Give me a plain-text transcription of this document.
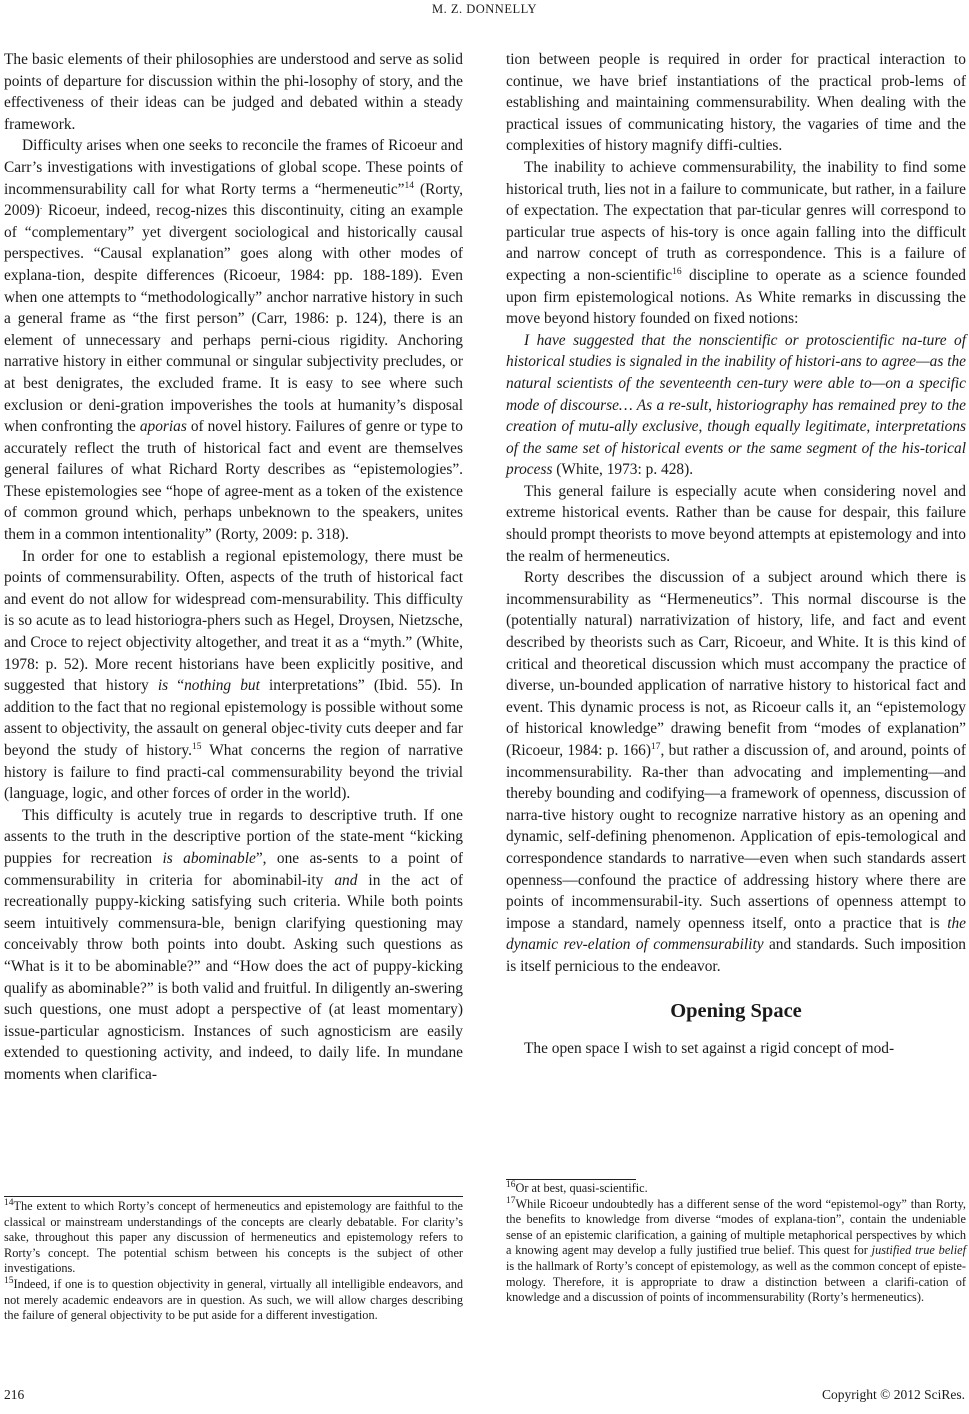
M. Z. DONNELLY

The basic elements of their philosophies are understood and serve as solid points of departure for discussion within the phi-losophy of story, and the effectiveness of their ideas can be judged and debated within a steady framework.

Difficulty arises when one seeks to reconcile the frames of Ricoeur and Carr’s investigations with investigations of global scope. These points of incommensurability call for what Rorty terms a “hermeneutic”$^{14}$ (Rorty, 2009). Ricoeur, indeed, recog-nizes this discontinuity, citing an example of “complementary” yet divergent sociological and historically causal perspectives. “Causal explanation” goes along with other modes of explana-tion, despite differences (Ricoeur, 1984: pp. 188-189). Even when one attempts to “methodologically” anchor narrative history in such a general frame as “the first person” (Carr, 1986: p. 124), there is an element of unnecessary and perhaps perni-cious rigidity. Anchoring narrative history in either communal or singular subjectivity precludes, or at best denigrates, the excluded frame. It is easy to see where such exclusion or deni-gration impoverishes the tools at humanity’s disposal when confronting the aporias of novel history. Failures of genre or type to accurately reflect the truth of historical fact and event are themselves general failures of what Richard Rorty describes as “epistemologies”. These epistemologies see “hope of agree-ment as a token of the existence of common ground which, perhaps unbeknown to the speakers, unites them in a common intentionality” (Rorty, 2009: p. 318).

In order for one to establish a regional epistemology, there must be points of commensurability. Often, aspects of the truth of historical fact and event do not allow for widespread com-mensurability. This difficulty is so acute as to lead historiogra-phers such as Hegel, Droysen, Nietzsche, and Croce to reject objectivity altogether, and treat it as a “myth.” (White, 1978: p. 52). More recent historians have been explicitly positive, and suggested that history is “nothing but interpretations” (Ibid. 55). In addition to the fact that no regional epistemology is possible without some assent to objectivity, the assault on general objec-tivity cuts deeper and far beyond the study of history.$^{15}$ What concerns the region of narrative history is failure to find practi-cal commensurability beyond the trivial (language, logic, and other forces of order in the world).

This difficulty is acutely true in regards to descriptive truth. If one assents to the truth in the descriptive portion of the state-ment “kicking puppies for recreation is abominable”, one as-sents to a point of commensurability in criteria for abominabil-ity and in the act of recreationally puppy-kicking satisfying such criteria. While both points seem intuitively commensura-ble, benign clarifying questioning may conceivably throw both points into doubt. Asking such questions as “What is it to be abominable?” and “How does the act of puppy-kicking qualify as abominable?” is both valid and fruitful. In diligently an-swering such questions, one must adopt a perspective of (at least momentary) issue-particular agnosticism. Instances of such agnosticism are easily extended to questioning activity, and indeed, to daily life. In mundane moments when clarifica-

tion between people is required in order for practical interaction to continue, we have brief instantiations of the practical prob-lems of establishing and maintaining commensurability. When dealing with the practical issues of communicating history, the vagaries of time and the complexities of history magnify diffi-culties.

The inability to achieve commensurability, the inability to find some historical truth, lies not in a failure to communicate, but rather, in a failure of expectation. The expectation that par-ticular genres will correspond to particular true aspects of his-tory is once again falling into the difficult and narrow concept of truth as correspondence. This is a failure of expecting a non-scientific$^{16}$ discipline to operate as a science founded upon firm epistemological notions. As White remarks in discussing the move beyond history founded on fixed notions:

I have suggested that the nonscientific or protoscientific na-ture of historical studies is signaled in the inability of histori-ans to agree—as the natural scientists of the seventeenth cen-tury were able to—on a specific mode of discourse… As a re-sult, historiography has remained prey to the creation of mutu-ally exclusive, though equally legitimate, interpretations of the same set of historical events or the same segment of the his-torical process (White, 1973: p. 428).

This general failure is especially acute when considering novel and extreme historical events. Rather than be cause for despair, this failure should prompt theorists to move beyond attempts at epistemology and into the realm of hermeneutics.

Rorty describes the discussion of a subject around which there is incommensurability as “Hermeneutics”. This normal discourse is the (potentially natural) narrativization of history, life, and fact and event described by theorists such as Carr, Ricoeur, and White. It is this kind of critical and theoretical discussion which must accompany the practice of diverse, un-bounded application of narrative history to historical fact and event. This dynamic process is not, as Ricoeur calls it, an “epistemology of historical knowledge” drawing benefit from “modes of explanation” (Ricoeur, 1984: p. 166)$^{17}$, but rather a discussion of, and around, points of incommensurability. Ra-ther than advocating and implementing—and thereby bounding and codifying—a framework of openness, discussion of narra-tive history ought to recognize narrative history as an opening and dynamic, self-defining phenomenon. Application of epis-temological and correspondence standards to narrative—even when such standards assert openness—confound the practice of addressing history where there are points of incommensurabil-ity. Such assertions of openness attempt to impose a standard, namely openness itself, onto a practice that is the dynamic rev-elation of commensurability and standards. Such imposition is itself pernicious to the endeavor.

Opening Space

The open space I wish to set against a rigid concept of mod-

$^{14}$The extent to which Rorty’s concept of hermeneutics and epistemology are faithful to the classical or mainstream understandings of the concepts are clearly debatable. For clarity’s sake, throughout this paper any discussion of hermeneutics and epistemology refers to Rorty’s concept. The potential schism between his concepts is the subject of other investigations.

$^{15}$Indeed, if one is to question objectivity in general, virtually all intelligible endeavors, and not merely academic endeavors are in question. As such, we will allow charges describing the failure of general objectivity to be put aside for a different investigation.

$^{16}$Or at best, quasi-scientific.

$^{17}$While Ricoeur undoubtedly has a different sense of the word “epistemol-ogy” than Rorty, the benefits to knowledge from diverse “modes of explana-tion”, contain the undeniable sense of an epistemic clarification, a gaining of multiple metaphorical perspectives by which a knowing agent may develop a fully justified true belief. This quest for justified true belief is the hallmark of Rorty’s concept of epistemology, as well as the common concept of episte-mology. Therefore, it is appropriate to draw a distinction between a clarifi-cation of knowledge and a discussion of points of incommensurability (Rorty’s hermeneutics).

216	Copyright © 2012 SciRes.
